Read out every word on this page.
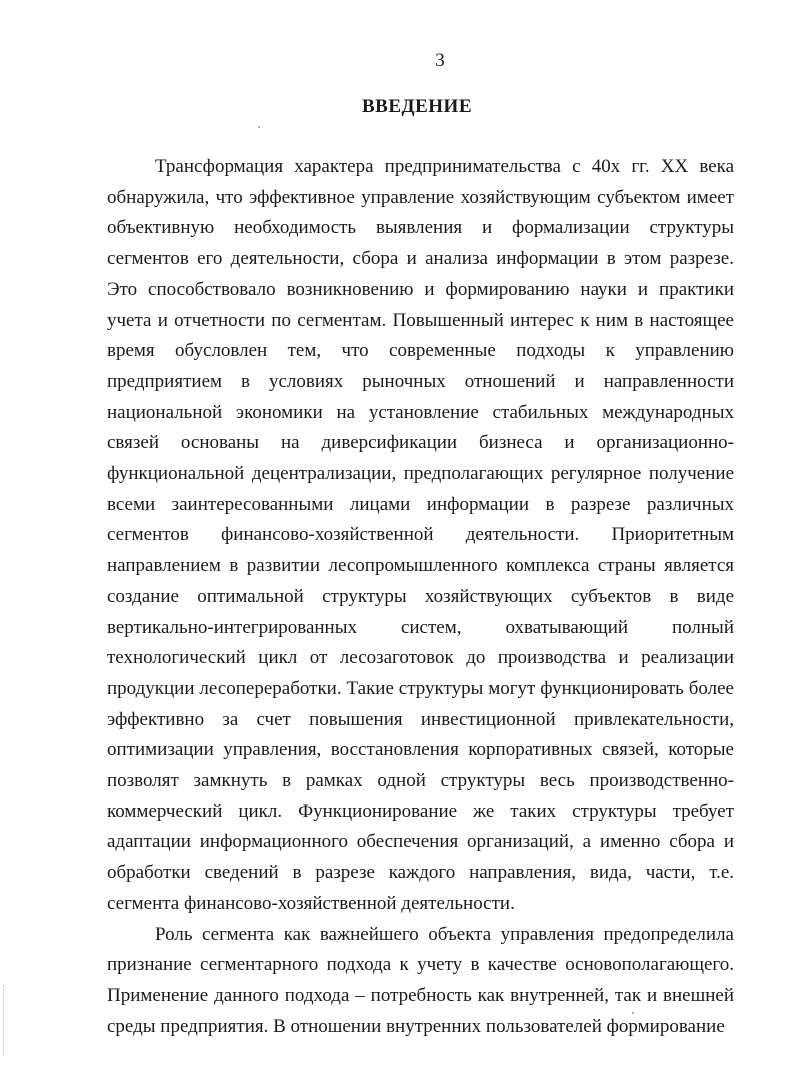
3
ВВЕДЕНИЕ

Трансформация характера предпринимательства с 40х гг. XX века обнаружила, что эффективное управление хозяйствующим субъектом имеет объективную необходимость выявления и формализации структуры сегментов его деятельности, сбора и анализа информации в этом разрезе. Это способствовало возникновению и формированию науки и практики учета и отчетности по сегментам. Повышенный интерес к ним в настоящее время обусловлен тем, что современные подходы к управлению предприятием в условиях рыночных отношений и направленности национальной экономики на установление стабильных международных связей основаны на диверсификации бизнеса и организационно-функциональной децентрализации, предполагающих регулярное получение всеми заинтересованными лицами информации в разрезе различных сегментов финансово-хозяйственной деятельности. Приоритетным направлением в развитии лесопромышленного комплекса страны является создание оптимальной структуры хозяйствующих субъектов в виде вертикально-интегрированных систем, охватывающий полный технологический цикл от лесозаготовок до производства и реализации продукции лесопереработки. Такие структуры могут функционировать более эффективно за счет повышения инвестиционной привлекательности, оптимизации управления, восстановления корпоративных связей, которые позволят замкнуть в рамках одной структуры весь производственно-коммерческий цикл. Функционирование же таких структуры требует адаптации информационного обеспечения организаций, а именно сбора и обработки сведений в разрезе каждого направления, вида, части, т.е. сегмента финансово-хозяйственной деятельности.

Роль сегмента как важнейшего объекта управления предопределила признание сегментарного подхода к учету в качестве основополагающего. Применение данного подхода – потребность как внутренней, так и внешней среды предприятия. В отношении внутренних пользователей формирование
